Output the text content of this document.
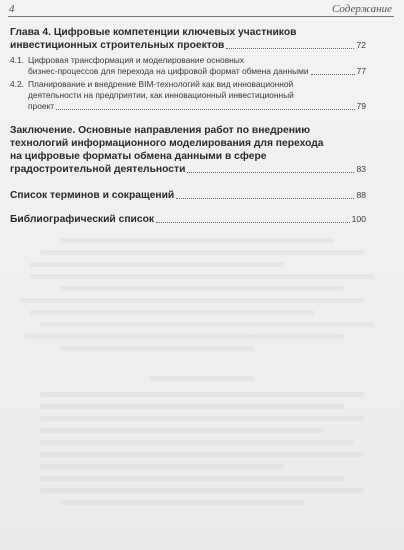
4	Содержание
Глава 4. Цифровые компетенции ключевых участников
инвестиционных строительных проектов	72
4.1. Цифровая трансформация и моделирование основных
бизнес-процессов для перехода на цифровой формат обмена данными	77
4.2. Планирование и внедрение BIM-технологий как вид инновационной
деятельности на предприятии, как инновационный инвестиционный
проект	79
Заключение. Основные направления работ по внедрению
технологий информационного моделирования для перехода
на цифровые форматы обмена данными в сфере
градостроительной деятельности	83
Список терминов и сокращений	88
Библиографический список	100
